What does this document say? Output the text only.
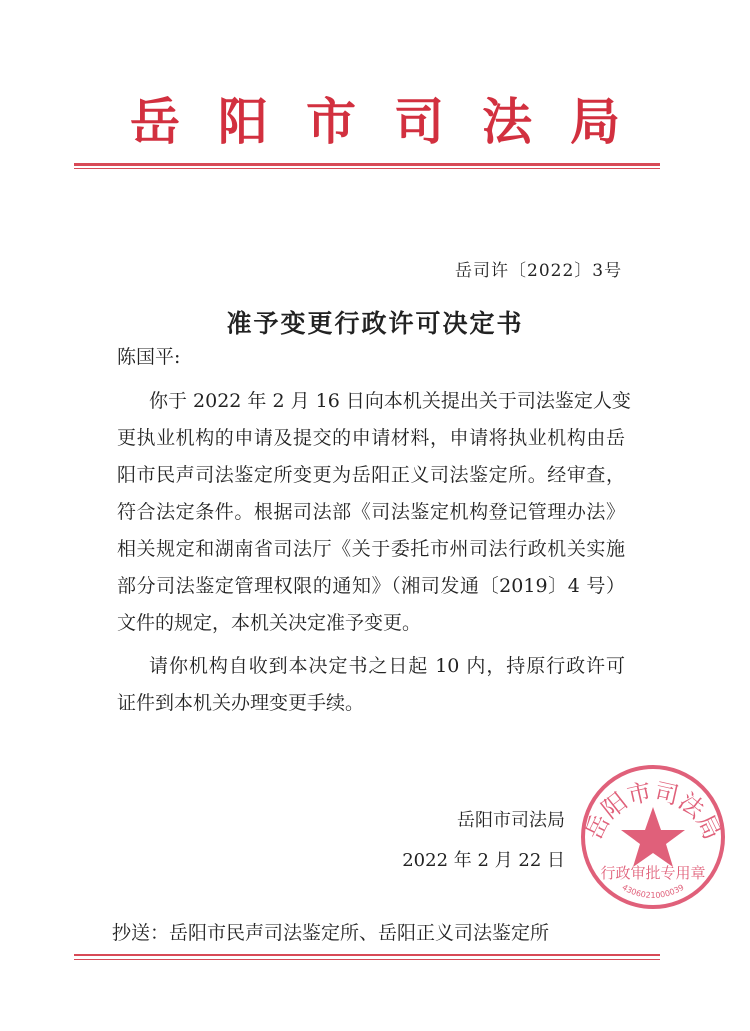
岳 阳 市 司 法 局
岳司许〔2022〕3号
准予变更行政许可决定书
陈国平:
你于 2022 年 2 月 16 日向本机关提出关于司法鉴定人变
更执业机构的申请及提交的申请材料，申请将执业机构由岳
阳市民声司法鉴定所变更为岳阳正义司法鉴定所。经审查，
符合法定条件。根据司法部《司法鉴定机构登记管理办法》
相关规定和湖南省司法厅《关于委托市州司法行政机关实施
部分司法鉴定管理权限的通知》（湘司发通〔2019〕4 号）
文件的规定，本机关决定准予变更。
请你机构自收到本决定书之日起 10 内，持原行政许可
证件到本机关办理变更手续。
岳阳市司法局
行政审批专用章
4306021000039
岳阳市司法局
2022 年 2 月 22 日
抄送：岳阳市民声司法鉴定所、岳阳正义司法鉴定所
